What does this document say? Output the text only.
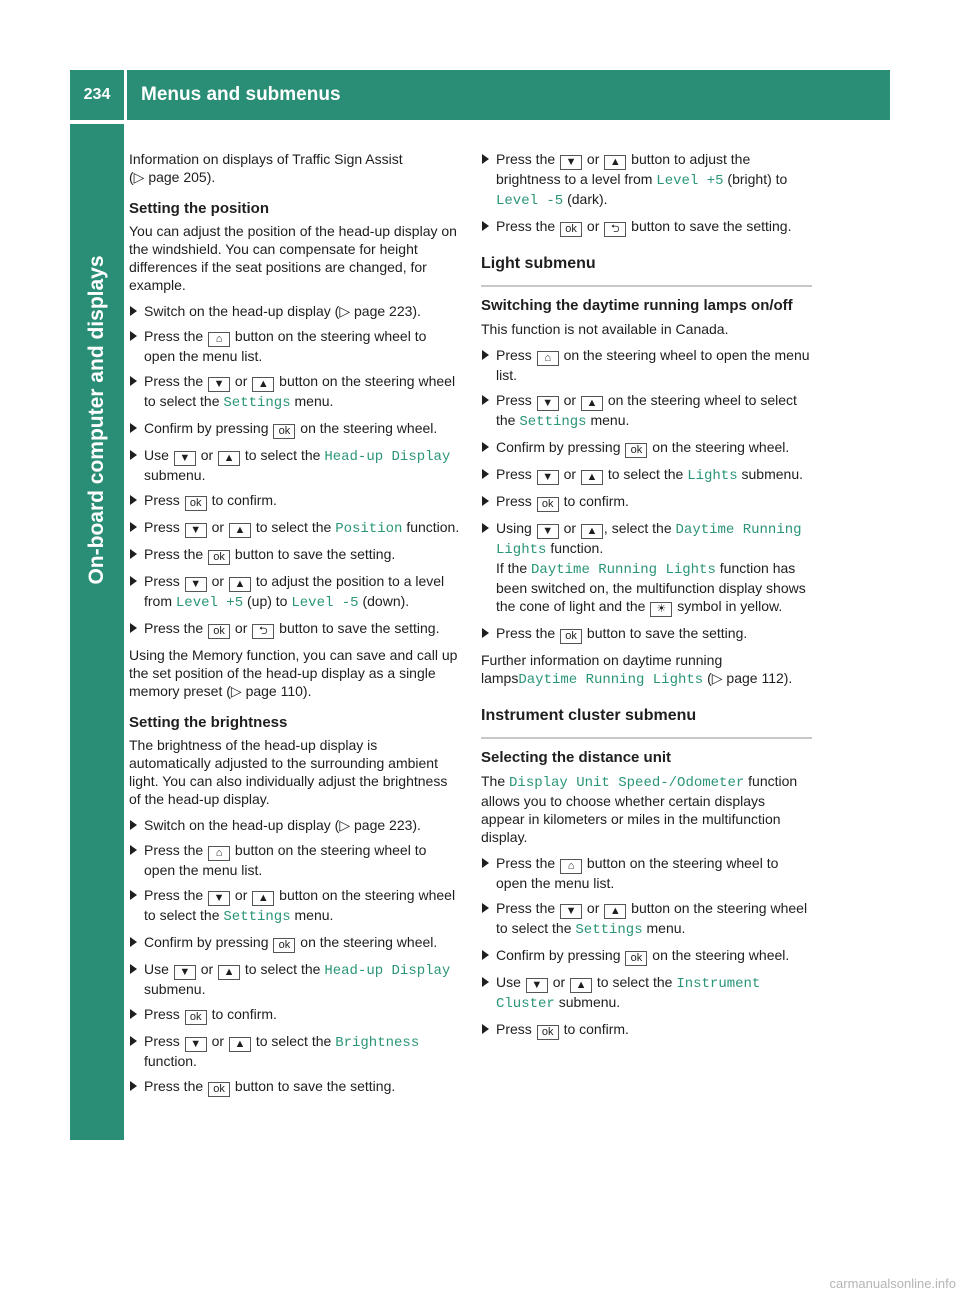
234	Menus and submenus
On-board computer and displays
Information on displays of Traffic Sign Assist
(▷ page 205).
Setting the position
You can adjust the position of the head-up display on the windshield. You can compensate for height differences if the seat positions are changed, for example.
Switch on the head-up display (▷ page 223).
Press the ⌂ button on the steering wheel to open the menu list.
Press the ▼ or ▲ button on the steering wheel to select the Settings menu.
Confirm by pressing ok on the steering wheel.
Use ▼ or ▲ to select the Head-up Display submenu.
Press ok to confirm.
Press ▼ or ▲ to select the Position function.
Press the ok button to save the setting.
Press ▼ or ▲ to adjust the position to a level from Level +5 (up) to Level -5 (down).
Press the ok or ⮌ button to save the setting.
Using the Memory function, you can save and call up the set position of the head-up display as a single memory preset (▷ page 110).
Setting the brightness
The brightness of the head-up display is automatically adjusted to the surrounding ambient light. You can also individually adjust the brightness of the head-up display.
Switch on the head-up display (▷ page 223).
Press the ⌂ button on the steering wheel to open the menu list.
Press the ▼ or ▲ button on the steering wheel to select the Settings menu.
Confirm by pressing ok on the steering wheel.
Use ▼ or ▲ to select the Head-up Display submenu.
Press ok to confirm.
Press ▼ or ▲ to select the Brightness function.
Press the ok button to save the setting.
Press the ▼ or ▲ button to adjust the brightness to a level from Level +5 (bright) to Level -5 (dark).
Press the ok or ⮌ button to save the setting.
Light submenu
Switching the daytime running lamps on/off
This function is not available in Canada.
Press ⌂ on the steering wheel to open the menu list.
Press ▼ or ▲ on the steering wheel to select the Settings menu.
Confirm by pressing ok on the steering wheel.
Press ▼ or ▲ to select the Lights submenu.
Press ok to confirm.
Using ▼ or ▲ , select the Daytime Running Lights function.
If the Daytime Running Lights function has been switched on, the multifunction display shows the cone of light and the ☀ symbol in yellow.
Press the ok button to save the setting.
Further information on daytime running lampsDaytime Running Lights (▷ page 112).
Instrument cluster submenu
Selecting the distance unit
The Display Unit Speed-/Odometer function allows you to choose whether certain displays appear in kilometers or miles in the multifunction display.
Press the ⌂ button on the steering wheel to open the menu list.
Press the ▼ or ▲ button on the steering wheel to select the Settings menu.
Confirm by pressing ok on the steering wheel.
Use ▼ or ▲ to select the Instrument Cluster submenu.
Press ok to confirm.
carmanualsonline.info
